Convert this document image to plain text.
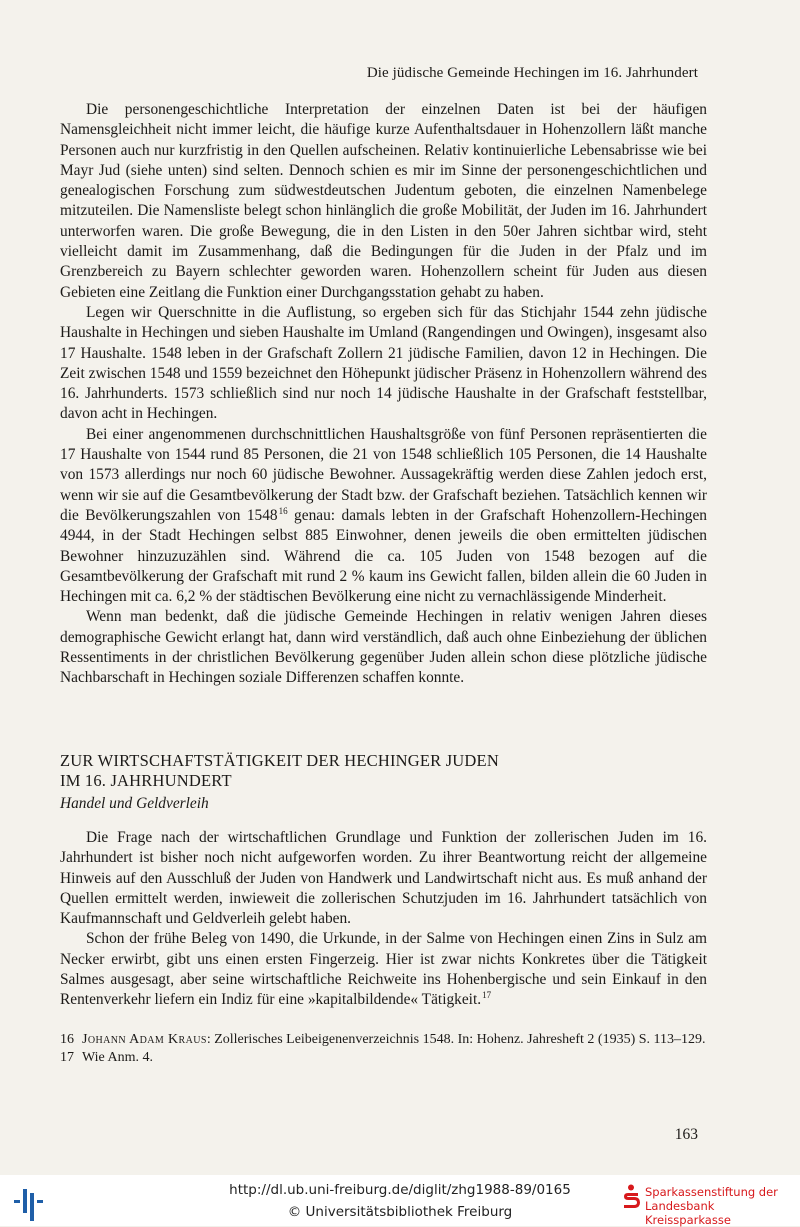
Die jüdische Gemeinde Hechingen im 16. Jahrhundert

Die personengeschichtliche Interpretation der einzelnen Daten ist bei der häufigen Namensgleichheit nicht immer leicht, die häufige kurze Aufenthaltsdauer in Hohenzollern läßt manche Personen auch nur kurzfristig in den Quellen aufscheinen. Relativ kontinuierliche Lebensabrisse wie bei Mayr Jud (siehe unten) sind selten. Dennoch schien es mir im Sinne der personengeschichtlichen und genealogischen Forschung zum südwestdeutschen Judentum geboten, die einzelnen Namenbelege mitzuteilen. Die Namensliste belegt schon hinlänglich die große Mobilität, der Juden im 16. Jahrhundert unterworfen waren. Die große Bewegung, die in den Listen in den 50er Jahren sichtbar wird, steht vielleicht damit im Zusammenhang, daß die Bedingungen für die Juden in der Pfalz und im Grenzbereich zu Bayern schlechter geworden waren. Hohenzollern scheint für Juden aus diesen Gebieten eine Zeitlang die Funktion einer Durchgangsstation gehabt zu haben.

Legen wir Querschnitte in die Auflistung, so ergeben sich für das Stichjahr 1544 zehn jüdische Haushalte in Hechingen und sieben Haushalte im Umland (Rangendingen und Owingen), insgesamt also 17 Haushalte. 1548 leben in der Grafschaft Zollern 21 jüdische Familien, davon 12 in Hechingen. Die Zeit zwischen 1548 und 1559 bezeichnet den Höhepunkt jüdischer Präsenz in Hohenzollern während des 16. Jahrhunderts. 1573 schließlich sind nur noch 14 jüdische Haushalte in der Grafschaft feststellbar, davon acht in Hechingen.

Bei einer angenommenen durchschnittlichen Haushaltsgröße von fünf Personen repräsentierten die 17 Haushalte von 1544 rund 85 Personen, die 21 von 1548 schließlich 105 Personen, die 14 Haushalte von 1573 allerdings nur noch 60 jüdische Bewohner. Aussagekräftig werden diese Zahlen jedoch erst, wenn wir sie auf die Gesamtbevölkerung der Stadt bzw. der Grafschaft beziehen. Tatsächlich kennen wir die Bevölkerungszahlen von 1548$^{16}$ genau: damals lebten in der Grafschaft Hohenzollern-Hechingen 4944, in der Stadt Hechingen selbst 885 Einwohner, denen jeweils die oben ermittelten jüdischen Bewohner hinzuzuzählen sind. Während die ca. 105 Juden von 1548 bezogen auf die Gesamtbevölkerung der Grafschaft mit rund 2 % kaum ins Gewicht fallen, bilden allein die 60 Juden in Hechingen mit ca. 6,2 % der städtischen Bevölkerung eine nicht zu vernachlässigende Minderheit.

Wenn man bedenkt, daß die jüdische Gemeinde Hechingen in relativ wenigen Jahren dieses demographische Gewicht erlangt hat, dann wird verständlich, daß auch ohne Einbeziehung der üblichen Ressentiments in der christlichen Bevölkerung gegenüber Juden allein schon diese plötzliche jüdische Nachbarschaft in Hechingen soziale Differenzen schaffen konnte.

ZUR WIRTSCHAFTSTÄTIGKEIT DER HECHINGER JUDEN
IM 16. JAHRHUNDERT
Handel und Geldverleih

Die Frage nach der wirtschaftlichen Grundlage und Funktion der zollerischen Juden im 16. Jahrhundert ist bisher noch nicht aufgeworfen worden. Zu ihrer Beantwortung reicht der allgemeine Hinweis auf den Ausschluß der Juden von Handwerk und Landwirtschaft nicht aus. Es muß anhand der Quellen ermittelt werden, inwieweit die zollerischen Schutzjuden im 16. Jahrhundert tatsächlich von Kaufmannschaft und Geldverleih gelebt haben.

Schon der frühe Beleg von 1490, die Urkunde, in der Salme von Hechingen einen Zins in Sulz am Necker erwirbt, gibt uns einen ersten Fingerzeig. Hier ist zwar nichts Konkretes über die Tätigkeit Salmes ausgesagt, aber seine wirtschaftliche Reichweite ins Hohenbergische und sein Einkauf in den Rentenverkehr liefern ein Indiz für eine »kapitalbildende« Tätigkeit.$^{17}$

16 Johann Adam Kraus: Zollerisches Leibeigenenverzeichnis 1548. In: Hohenz. Jahresheft 2 (1935) S. 113–129.

17 Wie Anm. 4.

163
http://dl.ub.uni-freiburg.de/diglit/zhg1988-89/0165
© Universitätsbibliothek Freiburg
Sparkassenstiftung der
Landesbank Kreissparkasse
